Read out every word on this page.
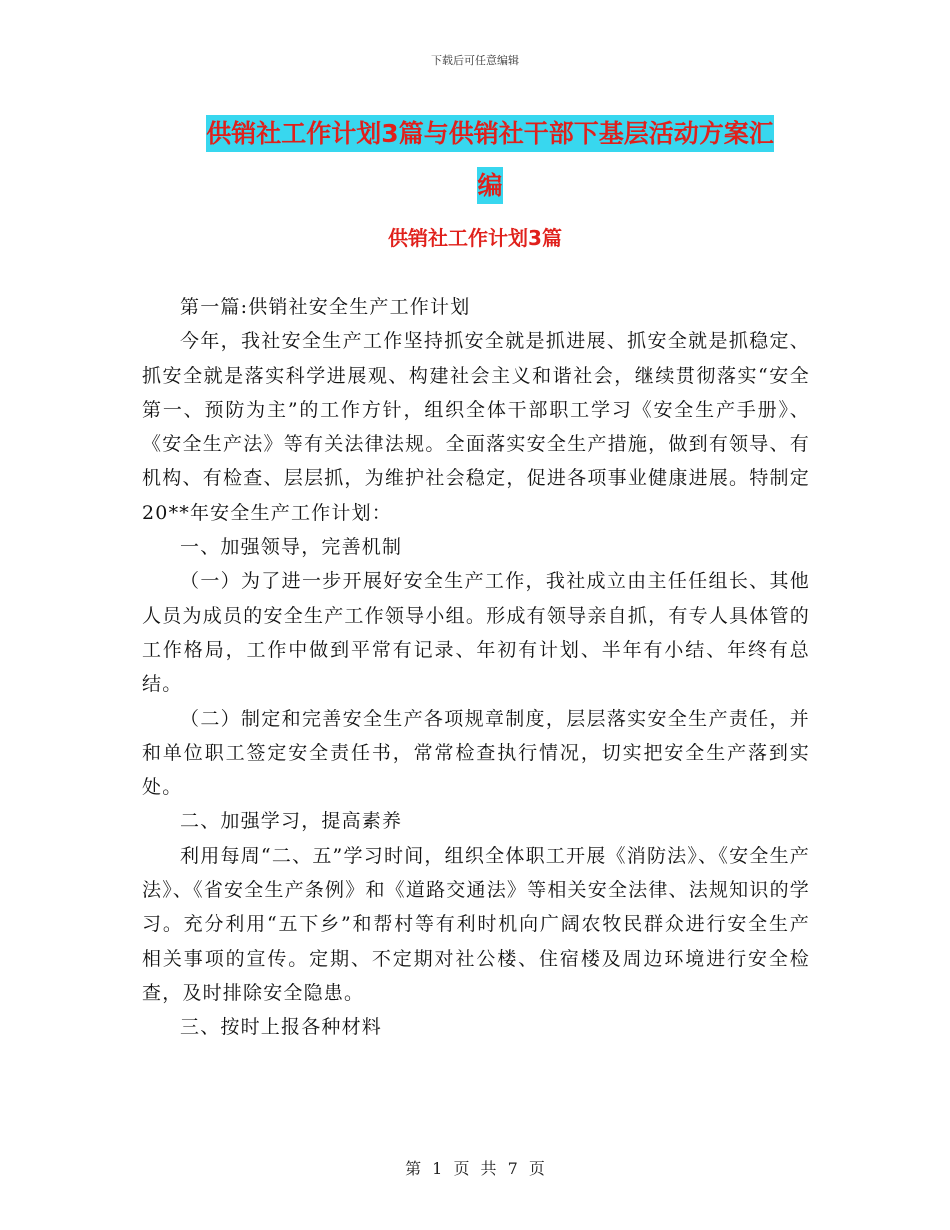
下载后可任意编辑
供销社工作计划3篇与供销社干部下基层活动方案汇
编
供销社工作计划3篇

第一篇:供销社安全生产工作计划

今年，我社安全生产工作坚持抓安全就是抓进展、抓安全就是抓稳定、抓安全就是落实科学进展观、构建社会主义和谐社会，继续贯彻落实“安全第一、预防为主”的工作方针，组织全体干部职工学习《安全生产手册》、《安全生产法》等有关法律法规。全面落实安全生产措施，做到有领导、有机构、有检查、层层抓，为维护社会稳定，促进各项事业健康进展。特制定20**年安全生产工作计划：

一、加强领导，完善机制

（一）为了进一步开展好安全生产工作，我社成立由主任任组长、其他人员为成员的安全生产工作领导小组。形成有领导亲自抓，有专人具体管的工作格局，工作中做到平常有记录、年初有计划、半年有小结、年终有总结。

（二）制定和完善安全生产各项规章制度，层层落实安全生产责任，并和单位职工签定安全责任书，常常检查执行情况，切实把安全生产落到实处。

二、加强学习，提高素养

利用每周“二、五”学习时间，组织全体职工开展《消防法》、《安全生产法》、《省安全生产条例》和《道路交通法》等相关安全法律、法规知识的学习。充分利用“五下乡”和帮村等有利时机向广阔农牧民群众进行安全生产相关事项的宣传。定期、不定期对社公楼、住宿楼及周边环境进行安全检查，及时排除安全隐患。

三、按时上报各种材料

第 1 页 共 7 页
